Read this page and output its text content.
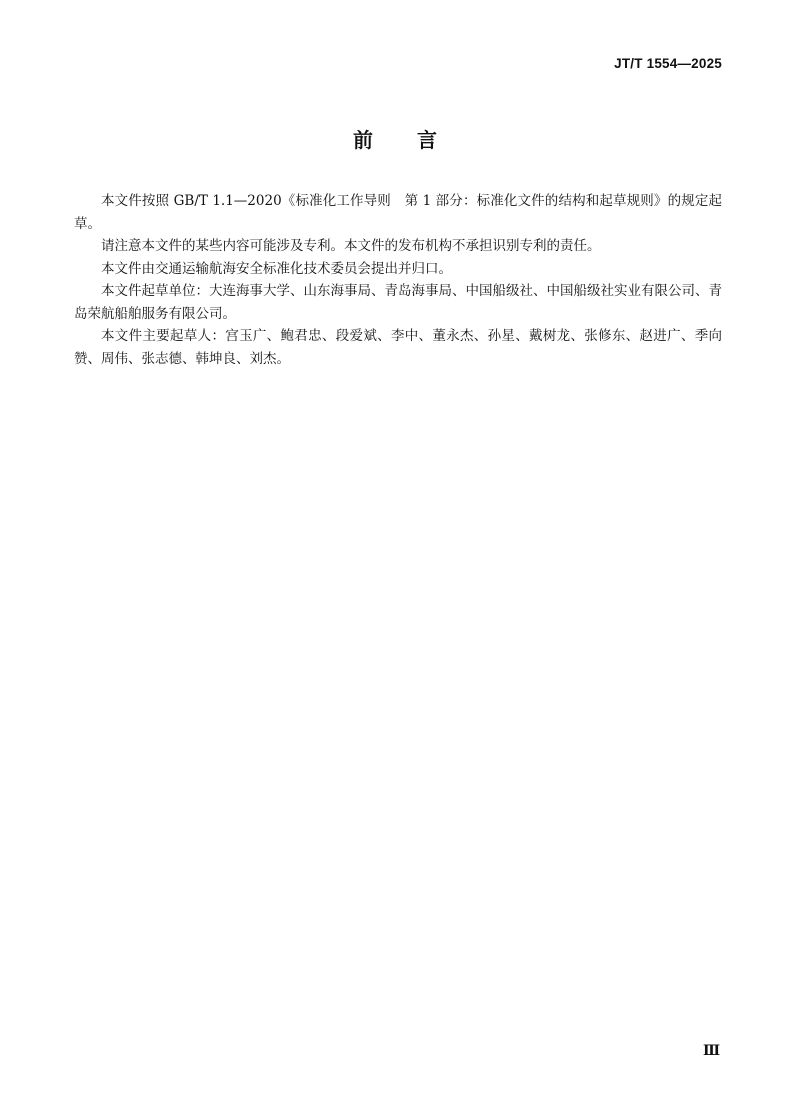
JT/T 1554—2025
前言

本文件按照 GB/T 1.1—2020《标准化工作导则　第 1 部分：标准化文件的结构和起草规则》的规定起草。

请注意本文件的某些内容可能涉及专利。本文件的发布机构不承担识别专利的责任。

本文件由交通运输航海安全标准化技术委员会提出并归口。

本文件起草单位：大连海事大学、山东海事局、青岛海事局、中国船级社、中国船级社实业有限公司、青岛荣航船舶服务有限公司。

本文件主要起草人：宫玉广、鲍君忠、段爱斌、李中、董永杰、孙星、戴树龙、张修东、赵进广、季向赞、周伟、张志德、韩坤良、刘杰。

Ⅲ
